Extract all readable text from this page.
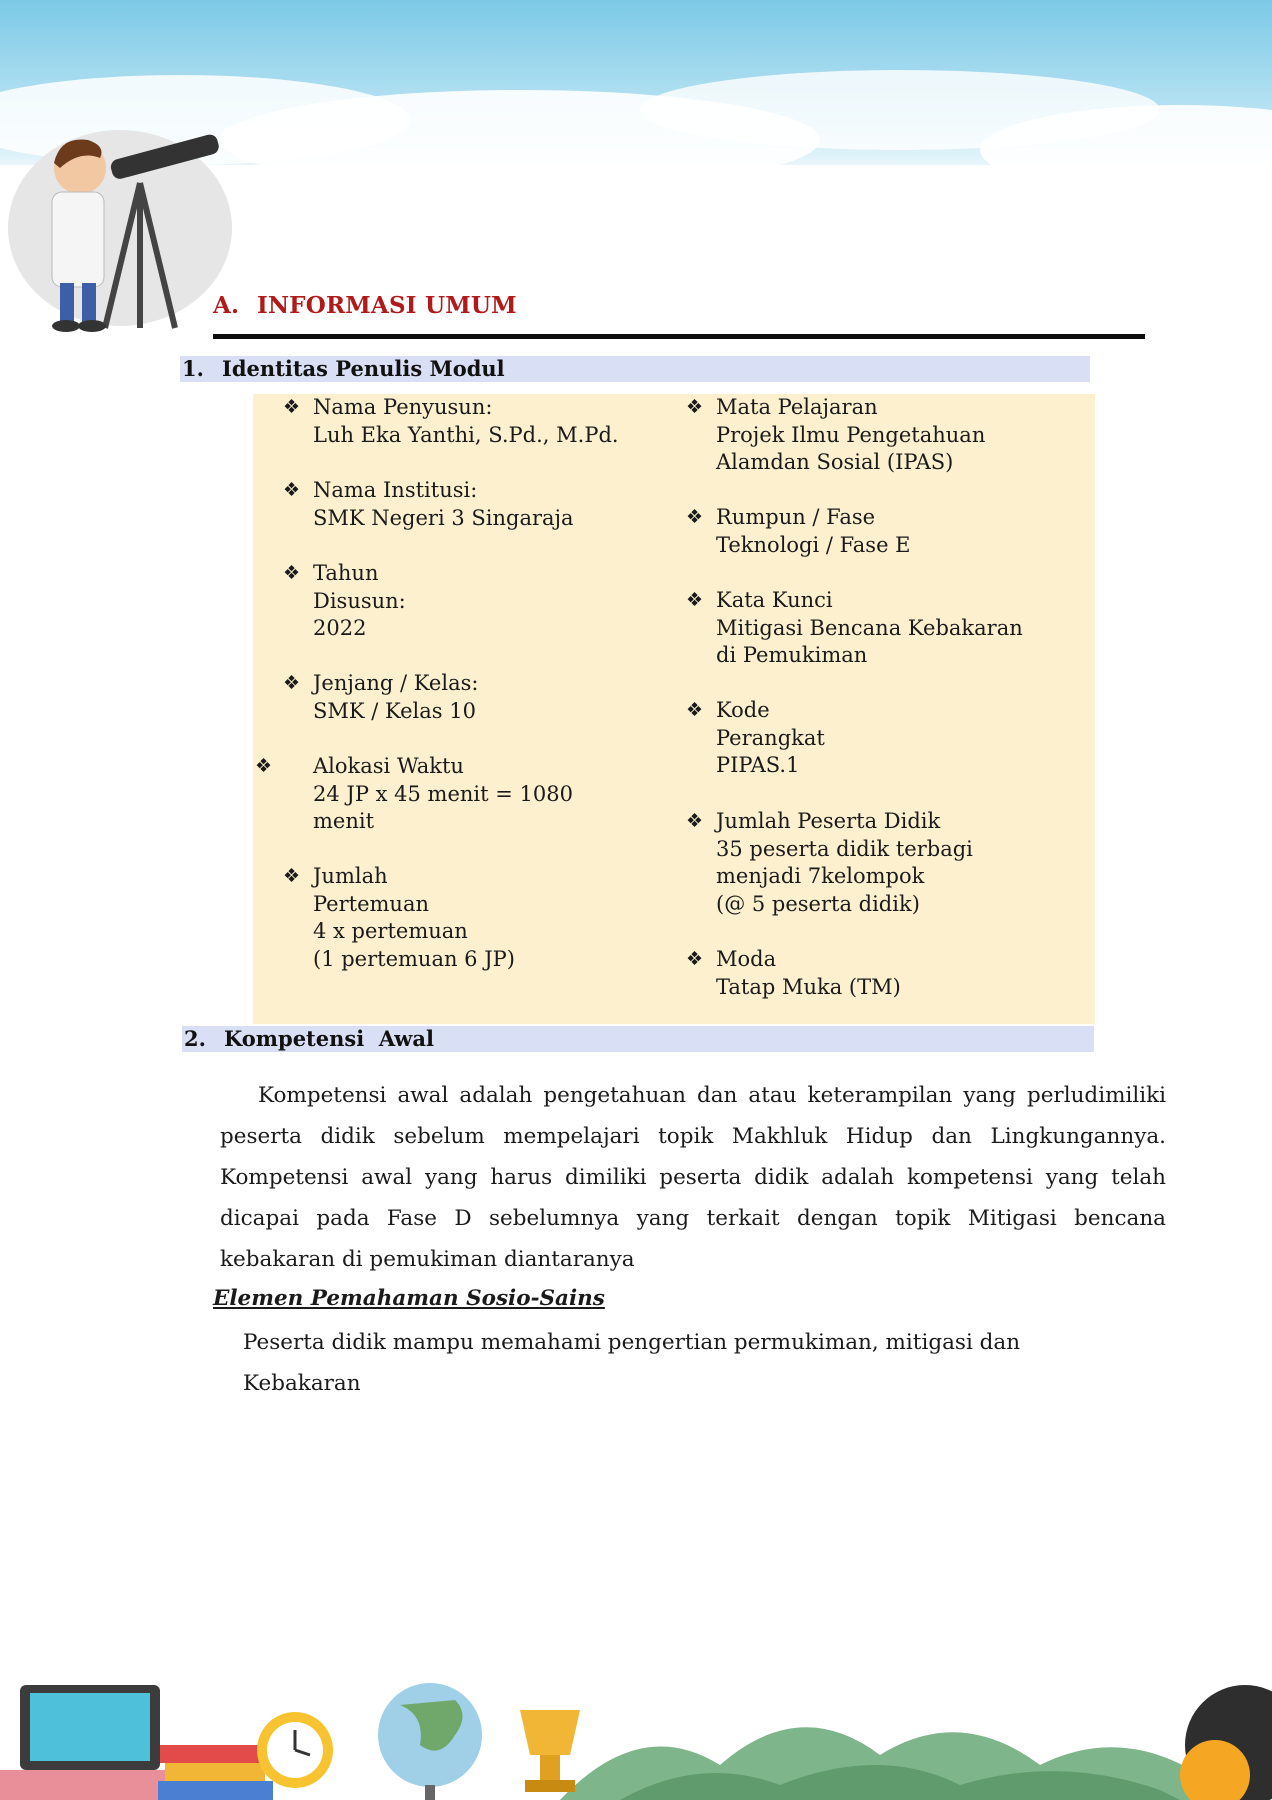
A. INFORMASI UMUM
1. Identitas Penulis Modul
❖ Nama Penyusun:
Luh Eka Yanthi, S.Pd., M.Pd.
❖ Nama Institusi:
SMK Negeri 3 Singaraja
❖ Tahun
Disusun:
2022
❖ Jenjang / Kelas:
SMK / Kelas 10
❖ Alokasi Waktu
24 JP x 45 menit = 1080
menit
❖ Jumlah
Pertemuan
4 x pertemuan
(1 pertemuan 6 JP)
❖ Mata Pelajaran
Projek Ilmu Pengetahuan
Alamdan Sosial (IPAS)
❖ Rumpun / Fase
Teknologi / Fase E
❖ Kata Kunci
Mitigasi Bencana Kebakaran
di Pemukiman
❖ Kode
Perangkat
PIPAS.1
❖ Jumlah Peserta Didik
35 peserta didik terbagi
menjadi 7kelompok
(@ 5 peserta didik)
❖ Moda
Tatap Muka (TM)
2. Kompetensi  Awal
Kompetensi awal adalah pengetahuan dan atau keterampilan yang perludimiliki peserta didik sebelum mempelajari topik Makhluk Hidup dan Lingkungannya. Kompetensi awal yang harus dimiliki peserta didik adalah kompetensi yang telah dicapai pada Fase D sebelumnya yang terkait dengan topik Mitigasi bencana kebakaran di pemukiman diantaranya
Elemen Pemahaman Sosio-Sains
Peserta didik mampu memahami pengertian permukiman, mitigasi dan Kebakaran
